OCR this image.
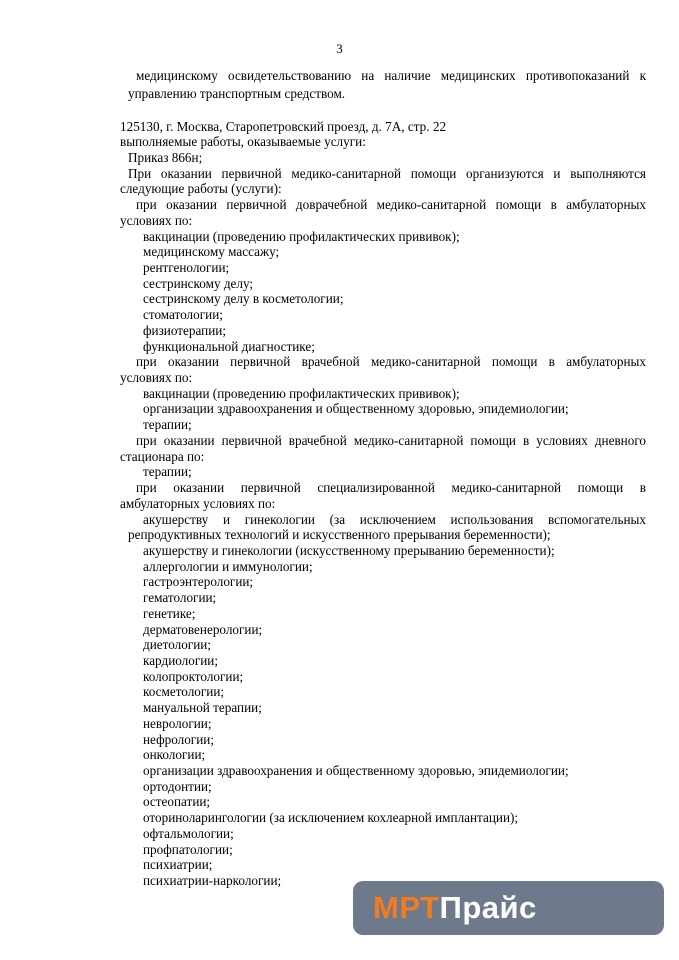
3
медицинскому освидетельствованию на наличие медицинских противопоказаний к
управлению транспортным средством.
125130, г. Москва, Старопетровский проезд, д. 7А, стр. 22
выполняемые работы, оказываемые услуги:
Приказ 866н;
При оказании первичной медико-санитарной помощи организуются и выполняются
следующие работы (услуги):
при оказании первичной доврачебной медико-санитарной помощи в амбулаторных
условиях по:
вакцинации (проведению профилактических прививок);
медицинскому массажу;
рентгенологии;
сестринскому делу;
сестринскому делу в косметологии;
стоматологии;
физиотерапии;
функциональной диагностике;
при оказании первичной врачебной медико-санитарной помощи в амбулаторных
условиях по:
вакцинации (проведению профилактических прививок);
организации здравоохранения и общественному здоровью, эпидемиологии;
терапии;
при оказании первичной врачебной медико-санитарной помощи в условиях дневного
стационара по:
терапии;
при оказании первичной специализированной медико-санитарной помощи в
амбулаторных условиях по:
акушерству и гинекологии (за исключением использования вспомогательных
репродуктивных технологий и искусственного прерывания беременности);
акушерству и гинекологии (искусственному прерыванию беременности);
аллергологии и иммунологии;
гастроэнтерологии;
гематологии;
генетике;
дерматовенерологии;
диетологии;
кардиологии;
колопроктологии;
косметологии;
мануальной терапии;
неврологии;
нефрологии;
онкологии;
организации здравоохранения и общественному здоровью, эпидемиологии;
ортодонтии;
остеопатии;
оториноларингологии (за исключением кохлеарной имплантации);
офтальмологии;
профпатологии;
психиатрии;
психиатрии-наркологии;
МРТ Прайс
